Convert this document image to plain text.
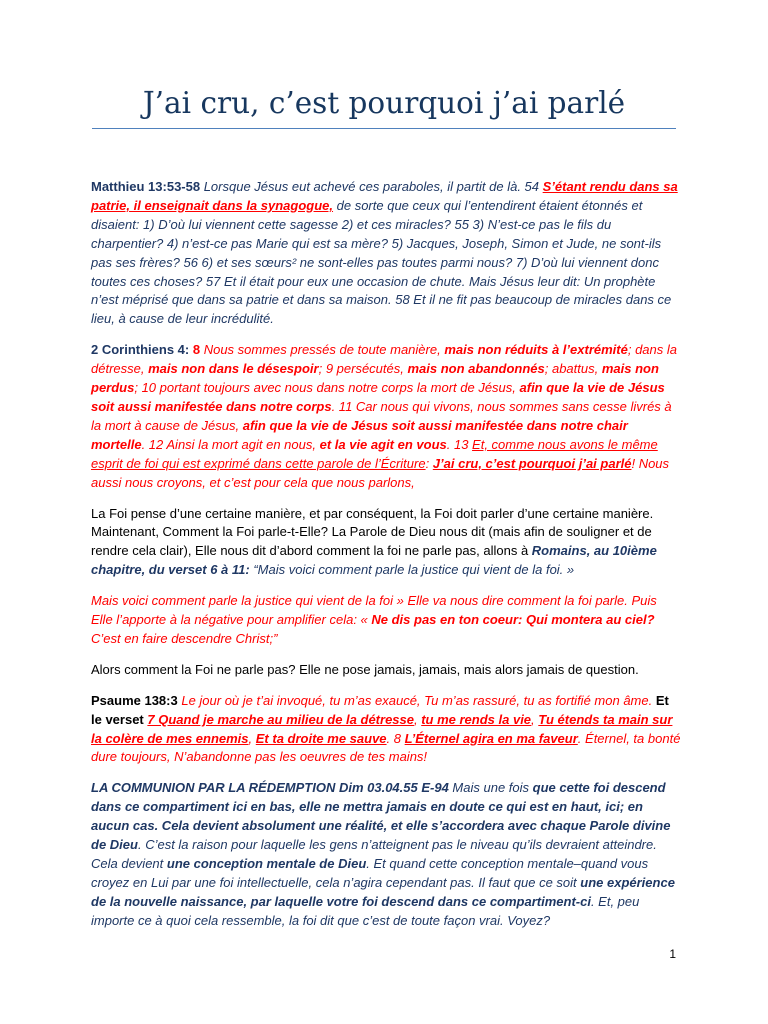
J’ai cru, c’est pourquoi j’ai parlé

Matthieu 13:53-58 Lorsque Jésus eut achevé ces paraboles, il partit de là. 54 S’étant rendu dans sa patrie, il enseignait dans la synagogue, de sorte que ceux qui l’entendirent étaient étonnés et disaient: 1) D’où lui viennent cette sagesse 2) et ces miracles? 55 3) N’est-ce pas le fils du charpentier? 4) n’est-ce pas Marie qui est sa mère? 5) Jacques, Joseph, Simon et Jude, ne sont-ils pas ses frères? 56 6) et ses sœurs² ne sont-elles pas toutes parmi nous? 7) D’où lui viennent donc toutes ces choses? 57 Et il était pour eux une occasion de chute. Mais Jésus leur dit: Un prophète n’est méprisé que dans sa patrie et dans sa maison. 58 Et il ne fit pas beaucoup de miracles dans ce lieu, à cause de leur incrédulité.

2 Corinthiens 4: 8 Nous sommes pressés de toute manière, mais non réduits à l’extrémité; dans la détresse, mais non dans le désespoir; 9 persécutés, mais non abandonnés; abattus, mais non perdus; 10 portant toujours avec nous dans notre corps la mort de Jésus, afin que la vie de Jésus soit aussi manifestée dans notre corps. 11 Car nous qui vivons, nous sommes sans cesse livrés à la mort à cause de Jésus, afin que la vie de Jésus soit aussi manifestée dans notre chair mortelle. 12 Ainsi la mort agit en nous, et la vie agit en vous. 13 Et, comme nous avons le même esprit de foi qui est exprimé dans cette parole de l’Écriture: J’ai cru, c’est pourquoi j’ai parlé! Nous aussi nous croyons, et c’est pour cela que nous parlons,

La Foi pense d’une certaine manière, et par conséquent, la Foi doit parler d’une certaine manière. Maintenant, Comment la Foi parle-t-Elle? La Parole de Dieu nous dit (mais afin de souligner et de rendre cela clair), Elle nous dit d’abord comment la foi ne parle pas, allons à Romains, au 10ième chapitre, du verset 6 à 11: “Mais voici comment parle la justice qui vient de la foi. »

Mais voici comment parle la justice qui vient de la foi » Elle va nous dire comment la foi parle. Puis Elle l’apporte à la négative pour amplifier cela: « Ne dis pas en ton coeur: Qui montera au ciel? C’est en faire descendre Christ;”

Alors comment la Foi ne parle pas? Elle ne pose jamais, jamais, mais alors jamais de question.

Psaume 138:3 Le jour où je t’ai invoqué, tu m’as exaucé, Tu m’as rassuré, tu as fortifié mon âme. Et le verset 7 Quand je marche au milieu de la détresse, tu me rends la vie, Tu étends ta main sur la colère de mes ennemis, Et ta droite me sauve. 8 L’Éternel agira en ma faveur. Éternel, ta bonté dure toujours, N’abandonne pas les oeuvres de tes mains!

LA COMMUNION PAR LA RÉDEMPTION Dim 03.04.55 E-94 Mais une fois que cette foi descend dans ce compartiment ici en bas, elle ne mettra jamais en doute ce qui est en haut, ici; en aucun cas. Cela devient absolument une réalité, et elle s’accordera avec chaque Parole divine de Dieu. C’est la raison pour laquelle les gens n’atteignent pas le niveau qu’ils devraient atteindre. Cela devient une conception mentale de Dieu. Et quand cette conception mentale–quand vous croyez en Lui par une foi intellectuelle, cela n’agira cependant pas. Il faut que ce soit une expérience de la nouvelle naissance, par laquelle votre foi descend dans ce compartiment-ci. Et, peu importe ce à quoi cela ressemble, la foi dit que c’est de toute façon vrai. Voyez?

1
